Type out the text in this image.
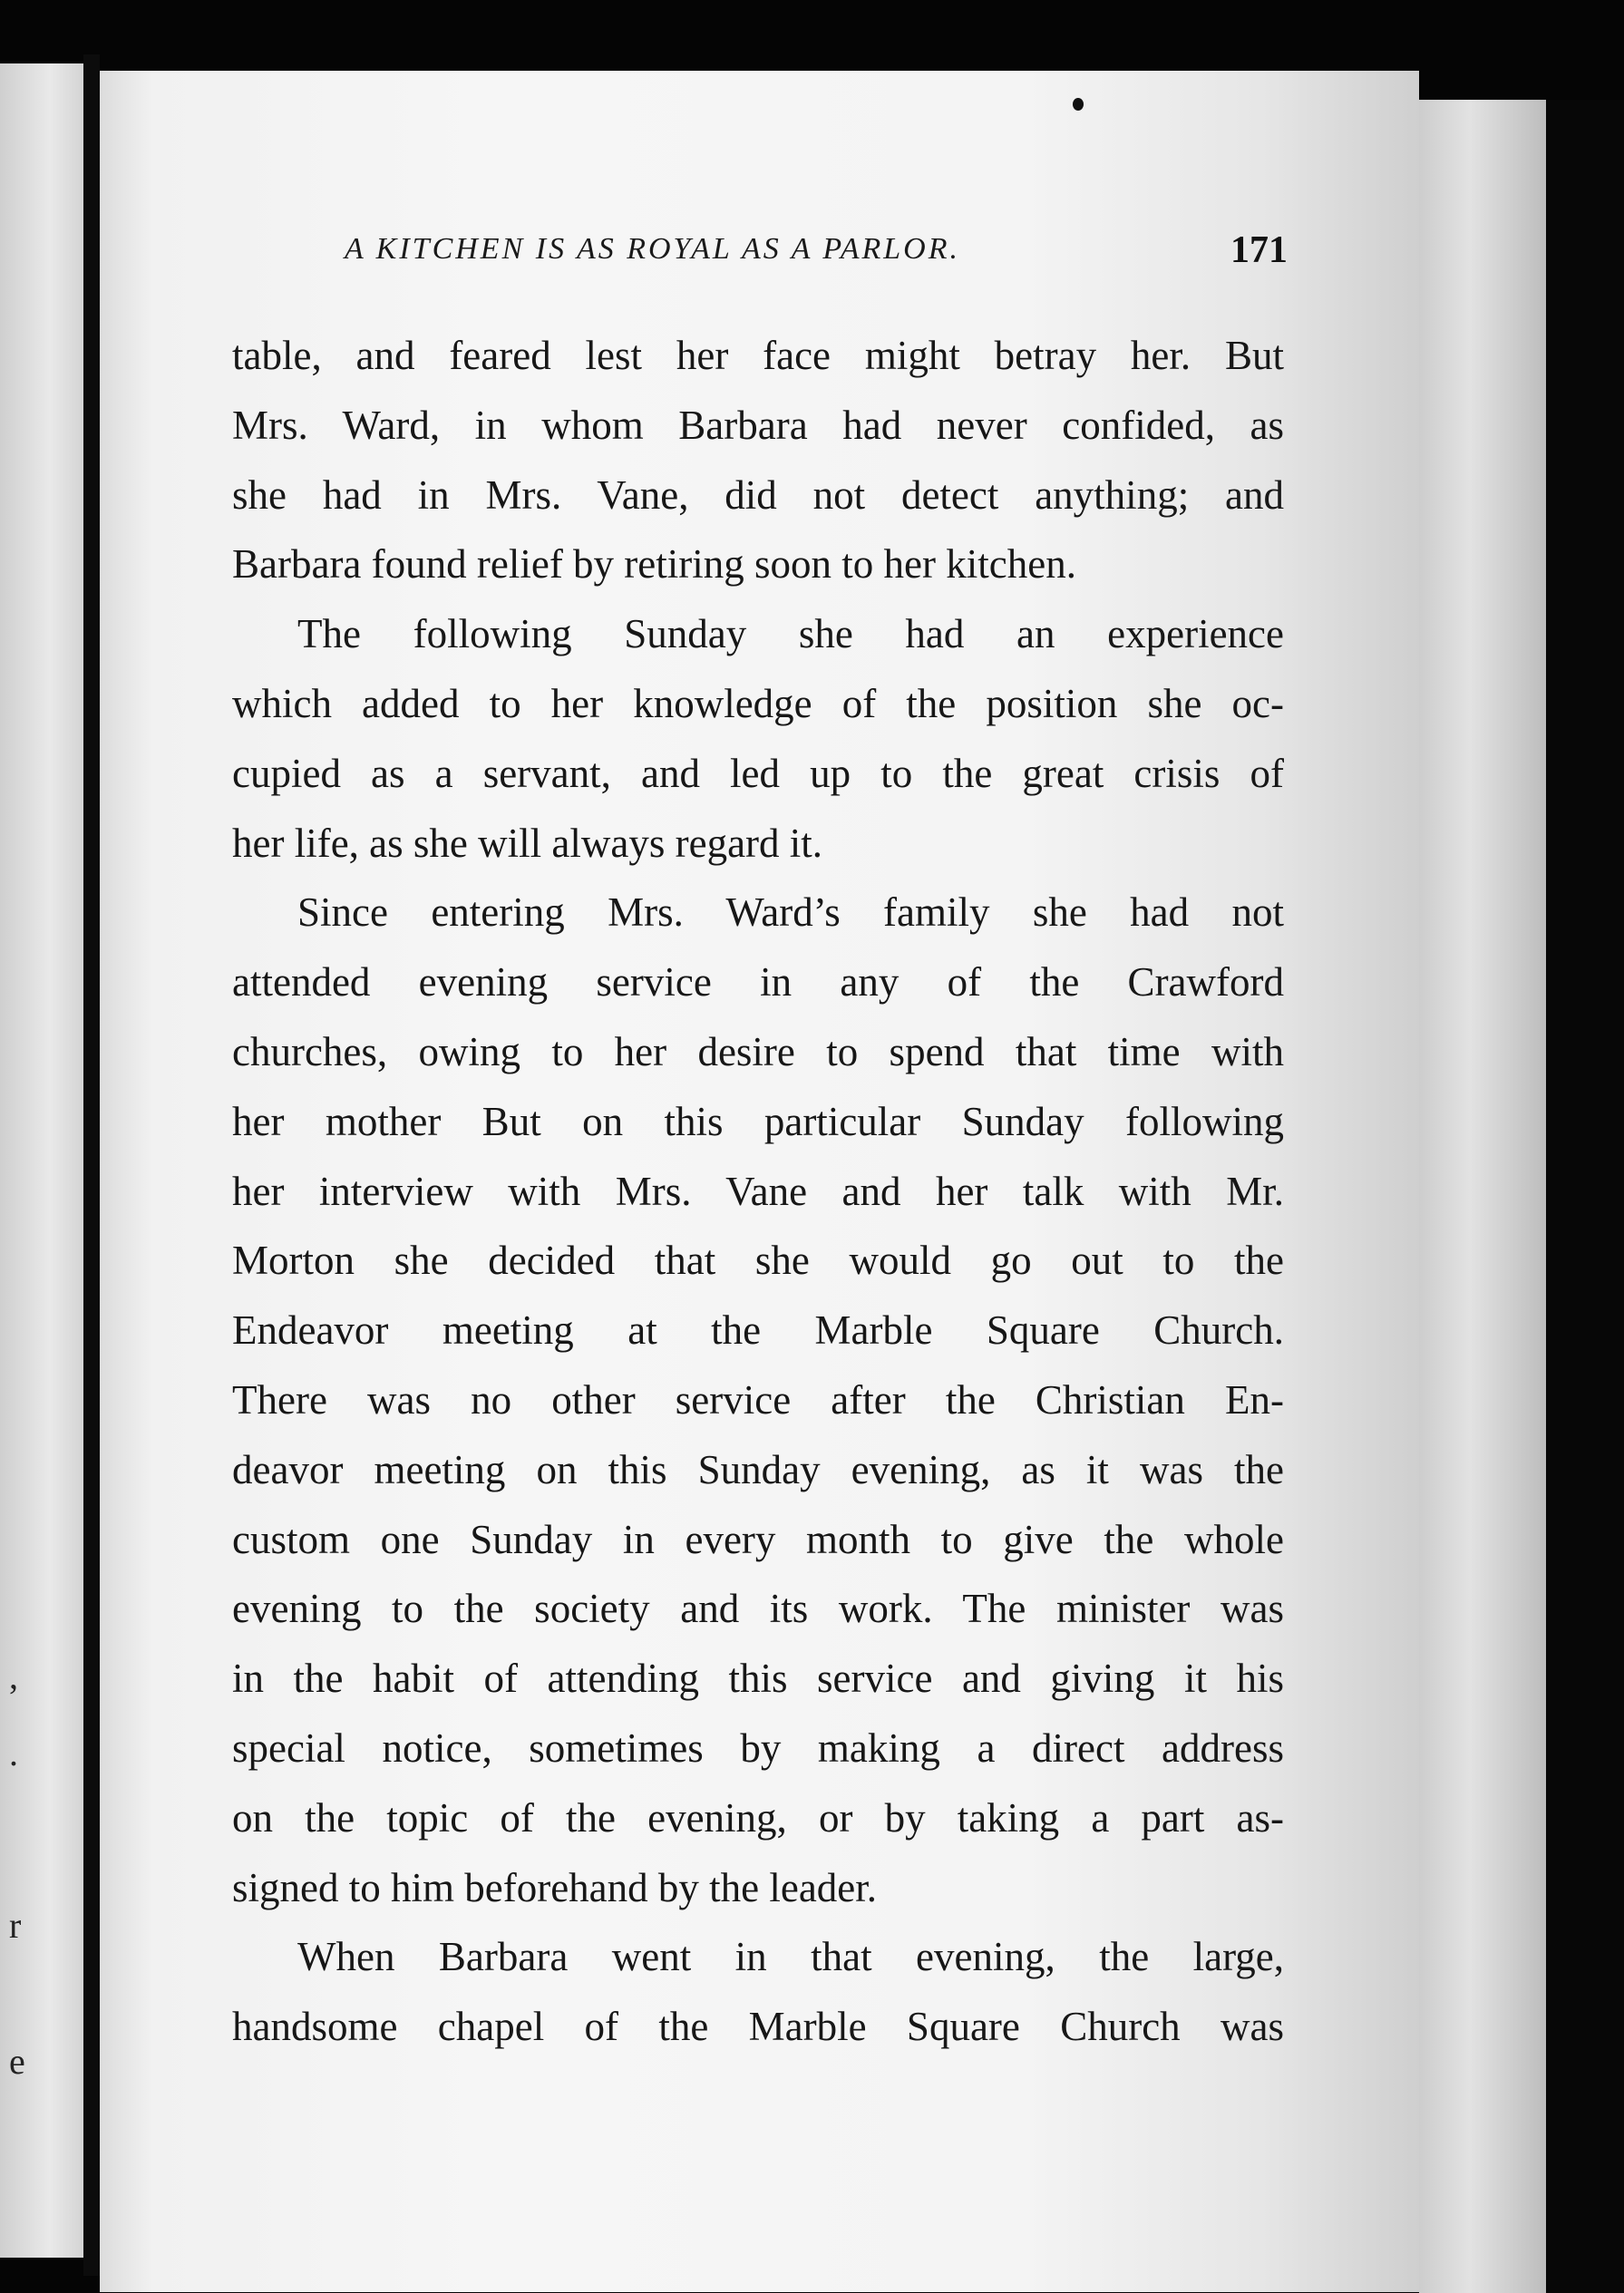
,
.
r
e
A KITCHEN IS AS ROYAL AS A PARLOR.	171
table, and feared lest her face might betray her. But
Mrs. Ward, in whom Barbara had never confided, as
she had in Mrs. Vane, did not detect anything; and
Barbara found relief by retiring soon to her kitchen.
The following Sunday she had an experience
which added to her knowledge of the position she oc-
cupied as a servant, and led up to the great crisis of
her life, as she will always regard it.
Since entering Mrs. Ward’s family she had not
attended evening service in any of the Crawford
churches, owing to her desire to spend that time with
her mother But on this particular Sunday following
her interview with Mrs. Vane and her talk with Mr.
Morton she decided that she would go out to the
Endeavor meeting at the Marble Square Church.
There was no other service after the Christian En-
deavor meeting on this Sunday evening, as it was the
custom one Sunday in every month to give the whole
evening to the society and its work. The minister was
in the habit of attending this service and giving it his
special notice, sometimes by making a direct address
on the topic of the evening, or by taking a part as-
signed to him beforehand by the leader.
When Barbara went in that evening, the large,
handsome chapel of the Marble Square Church was
